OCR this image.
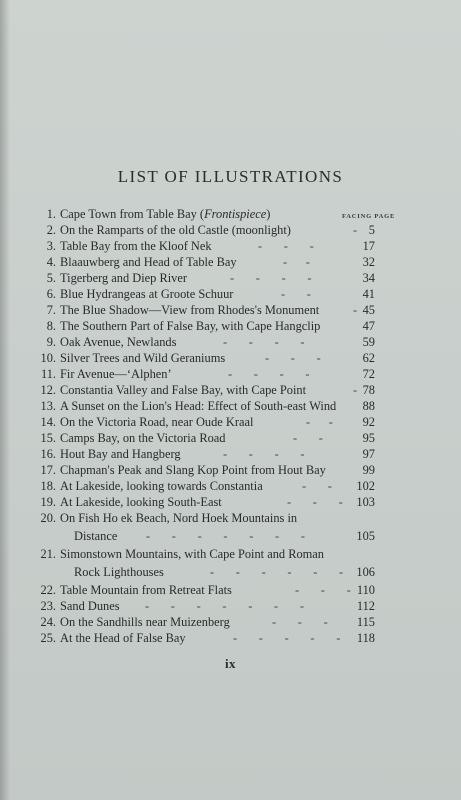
LIST OF ILLUSTRATIONS
FACING PAGE
1. Cape Town from Table Bay (Frontispiece)
2. On the Ramparts of the old Castle (moonlight)	- 5
3. Table Bay from the Kloof Nek	-       -       -	17
4. Blaauwberg and Head of Table Bay	-      -	32
5. Tigerberg and Diep River	-       -       -       -	34
6. Blue Hydrangeas at Groote Schuur	-       -	41
7. The Blue Shadow—View from Rhodes's Monument	- 45
8. The Southern Part of False Bay, with Cape Hangclip	47
9. Oak Avenue, Newlands	-       -       -       -	59
10. Silver Trees and Wild Geraniums	-       -       -	62
11. Fir Avenue—‘Alphen’	-       -       -       -	72
12. Constantia Valley and False Bay, with Cape Point	- 78
13. A Sunset on the Lion's Head: Effect of South-east Wind 88
14. On the Victoria Road, near Oude Kraal	-      - 92
15. Camps Bay, on the Victoria Road	-       -	95
16. Hout Bay and Hangberg	-       -       -       -	97
17. Chapman's Peak and Slang Kop Point from Hout Bay	99
18. At Lakeside, looking towards Constantia	-       - 102
19. At Lakeside, looking South-East	-       -       - 103
20. On Fish Ho ek Beach, Nord Hoek Mountains in
Distance -       -       -       -       -       -       -	105
21. Simonstown Mountains, with Cape Point and Roman
Rock Lighthouses	-       -       -       -       -       - 106
22. Table Mountain from Retreat Flats	-       -       - 110
23. Sand Dunes -       -       -       -       -       -       -	112
24. On the Sandhills near Muizenberg	-       -       - 115
25. At the Head of False Bay	-       -       -       -       - 118
ix
